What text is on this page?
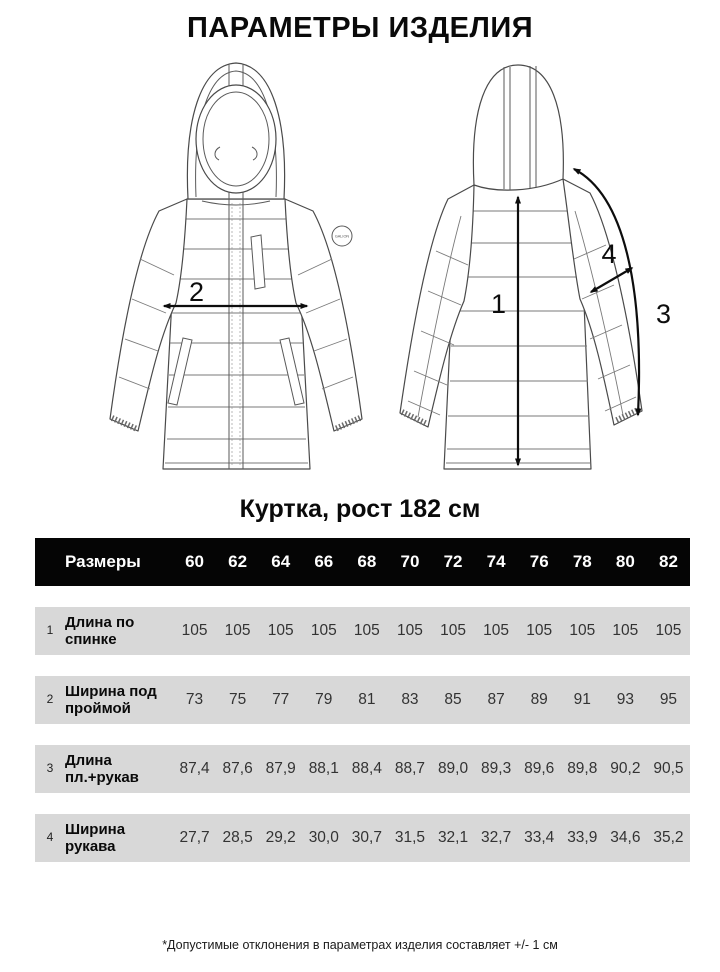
ПАРАМЕТРЫ ИЗДЕЛИЯ
GALION
2	1	3
4
Куртка, рост 182 см
Размеры	60	62	64	66	68	70	72	74	76	78	80	82
1 Длина по спинке
105	105	105	105	105	105	105	105	105	105	105	105
2 Ширина под проймой
73	75	77	79	81	83	85	87	89	91	93	95
3 Длина пл.+рукав
87,4 87,6 87,9 88,1 88,4 88,7 89,0 89,3 89,6 89,8 90,2 90,5
4 Ширина рукава
27,7 28,5 29,2 30,0 30,7 31,5 32,1 32,7 33,4 33,9 34,6 35,2
*Допустимые отклонения в параметрах изделия составляет +/- 1 см
